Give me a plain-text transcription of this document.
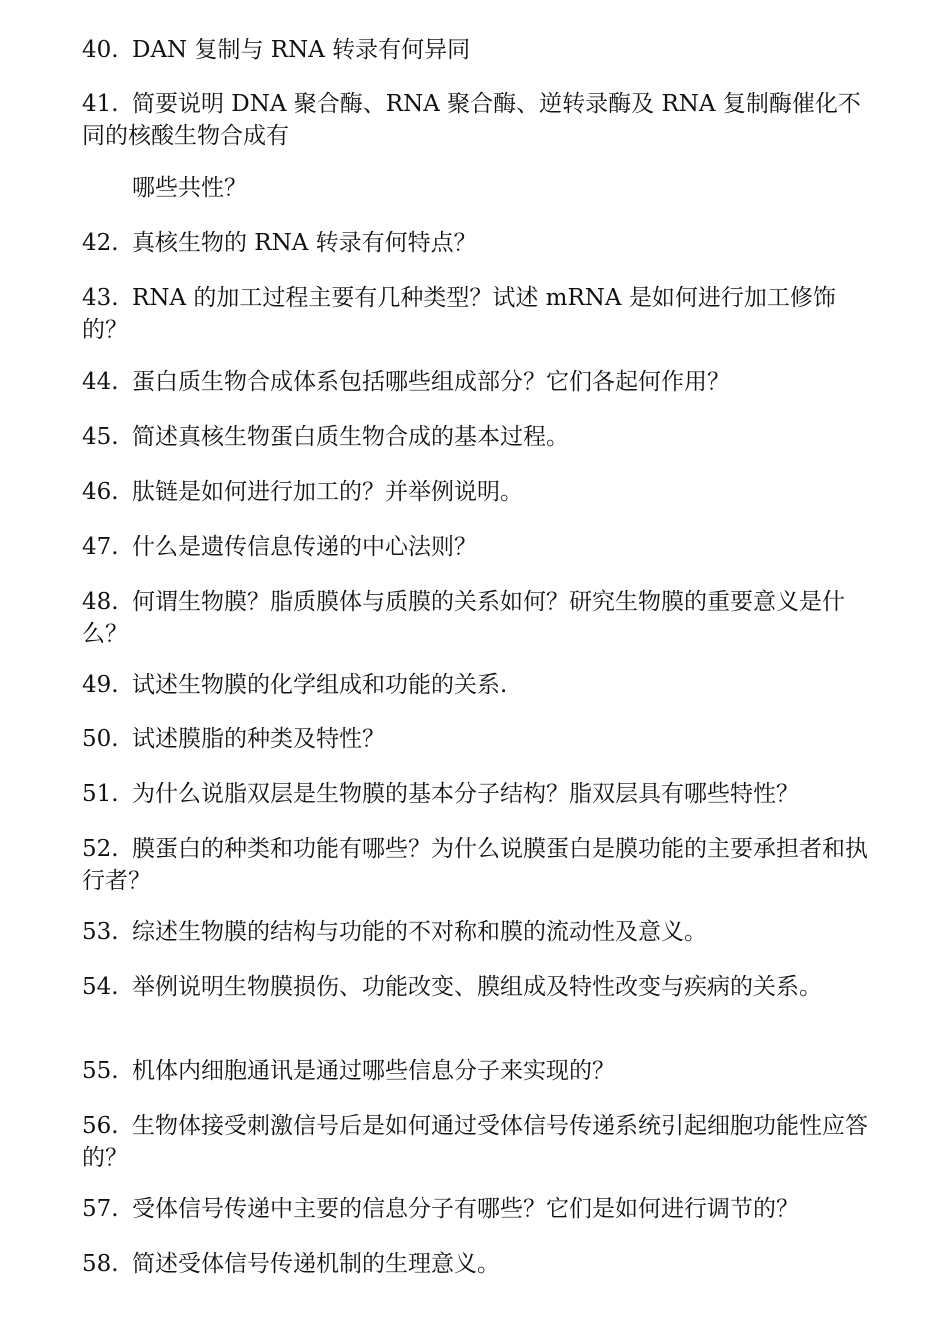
40. DAN 复制与 RNA 转录有何异同

41. 简要说明 DNA 聚合酶、RNA 聚合酶、逆转录酶及 RNA 复制酶催化不同的核酸生物合成有

哪些共性？

42. 真核生物的 RNA 转录有何特点？

43. RNA 的加工过程主要有几种类型？试述 mRNA 是如何进行加工修饰的？

44. 蛋白质生物合成体系包括哪些组成部分？它们各起何作用？

45. 简述真核生物蛋白质生物合成的基本过程。

46. 肽链是如何进行加工的？并举例说明。

47. 什么是遗传信息传递的中心法则？

48. 何谓生物膜？脂质膜体与质膜的关系如何？研究生物膜的重要意义是什么？

49. 试述生物膜的化学组成和功能的关系.

50. 试述膜脂的种类及特性？

51. 为什么说脂双层是生物膜的基本分子结构？脂双层具有哪些特性？

52. 膜蛋白的种类和功能有哪些？为什么说膜蛋白是膜功能的主要承担者和执行者？

53. 综述生物膜的结构与功能的不对称和膜的流动性及意义。

54. 举例说明生物膜损伤、功能改变、膜组成及特性改变与疾病的关系。

55. 机体内细胞通讯是通过哪些信息分子来实现的？

56. 生物体接受刺激信号后是如何通过受体信号传递系统引起细胞功能性应答的？

57. 受体信号传递中主要的信息分子有哪些？它们是如何进行调节的？

58. 简述受体信号传递机制的生理意义。
